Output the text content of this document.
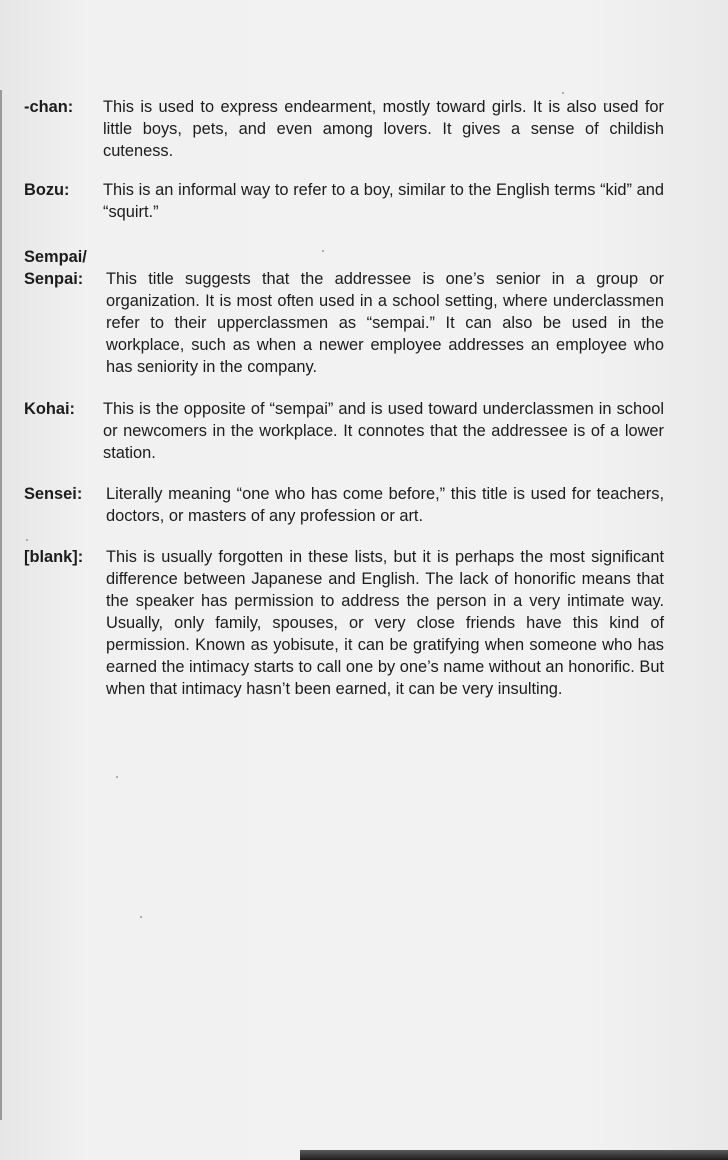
-chan: This is used to express endearment, mostly toward girls. It is also used for little boys, pets, and even among lovers. It gives a sense of childish cuteness.
Bozu: This is an informal way to refer to a boy, similar to the English terms “kid” and “squirt.”
Sempai/
Senpai: This title suggests that the addressee is one’s senior in a group or organization. It is most often used in a school setting, where underclassmen refer to their upperclassmen as “sempai.” It can also be used in the workplace, such as when a newer employee addresses an employee who has seniority in the company.
Kohai: This is the opposite of “sempai” and is used toward underclassmen in school or newcomers in the workplace. It connotes that the addressee is of a lower station.
Sensei: Literally meaning “one who has come before,” this title is used for teachers, doctors, or masters of any profession or art.
[blank]: This is usually forgotten in these lists, but it is perhaps the most significant difference between Japanese and English. The lack of honorific means that the speaker has permission to address the person in a very intimate way. Usually, only family, spouses, or very close friends have this kind of permission. Known as yobisute, it can be gratifying when someone who has earned the intimacy starts to call one by one’s name without an honorific. But when that intimacy hasn’t been earned, it can be very insulting.
